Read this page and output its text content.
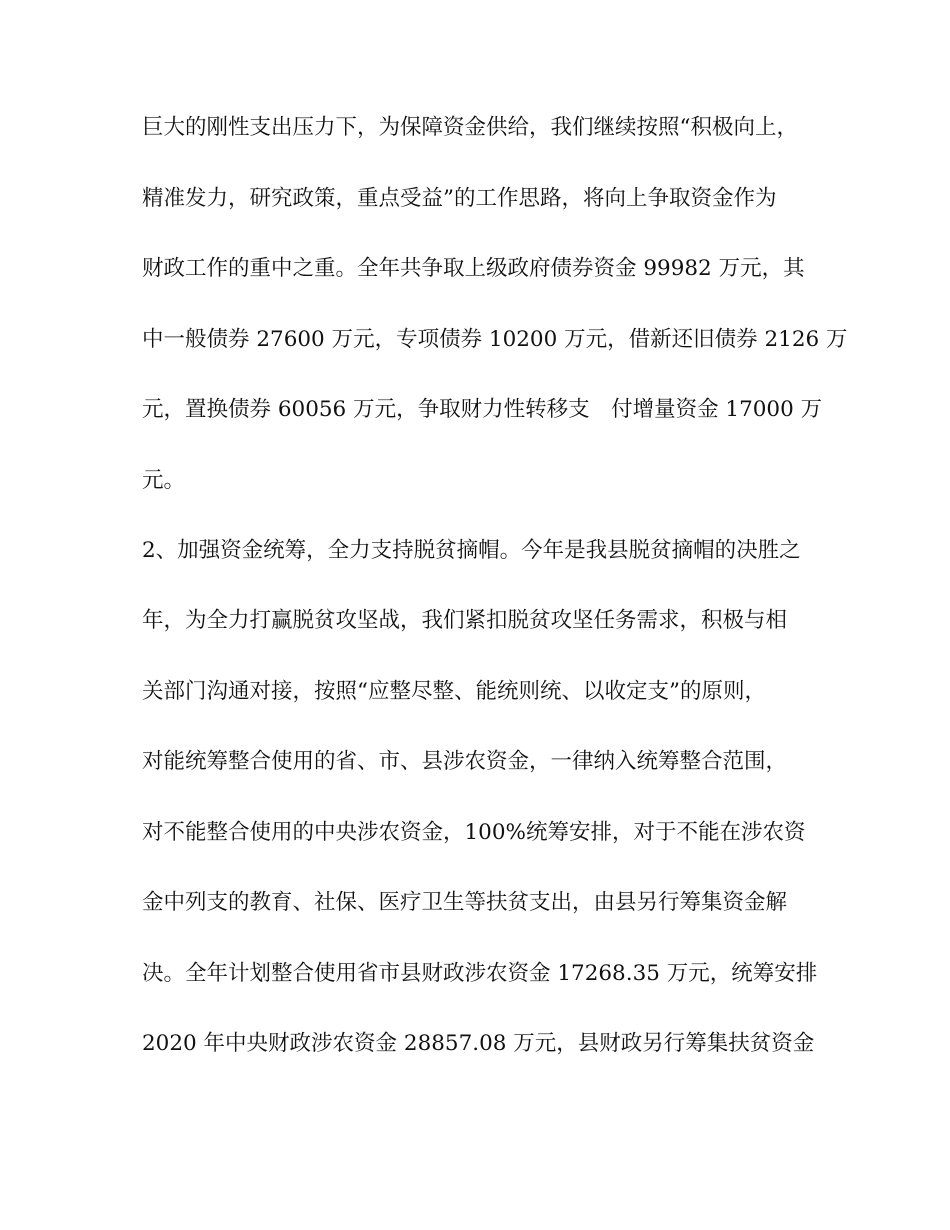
巨大的刚性支出压力下，为保障资金供给，我们继续按照“积极向上，
精准发力，研究政策，重点受益”的工作思路，将向上争取资金作为
财政工作的重中之重。全年共争取上级政府债券资金 99982 万元，其
中一般债券 27600 万元，专项债券 10200 万元，借新还旧债券 2126 万
元，置换债券 60056 万元，争取财力性转移支　付增量资金 17000 万
元。
2、加强资金统筹，全力支持脱贫摘帽。今年是我县脱贫摘帽的决胜之
年，为全力打赢脱贫攻坚战，我们紧扣脱贫攻坚任务需求，积极与相
关部门沟通对接，按照“应整尽整、能统则统、以收定支”的原则，
对能统筹整合使用的省、市、县涉农资金，一律纳入统筹整合范围，
对不能整合使用的中央涉农资金，100%统筹安排，对于不能在涉农资
金中列支的教育、社保、医疗卫生等扶贫支出，由县另行筹集资金解
决。全年计划整合使用省市县财政涉农资金 17268.35 万元，统筹安排
2020 年中央财政涉农资金 28857.08 万元，县财政另行筹集扶贫资金
